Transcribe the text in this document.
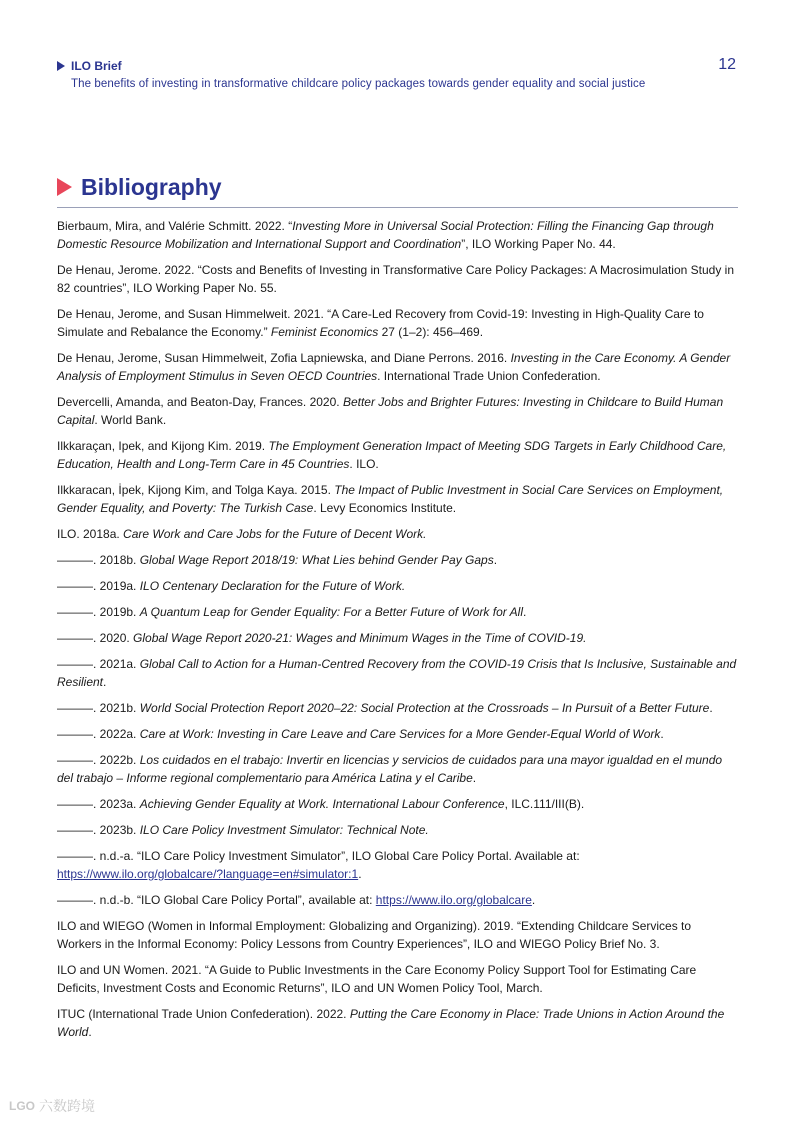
ILO Brief
The benefits of investing in transformative childcare policy packages towards gender equality and social justice
12
Bibliography

Bierbaum, Mira, and Valérie Schmitt. 2022. “Investing More in Universal Social Protection: Filling the Financing Gap through Domestic Resource Mobilization and International Support and Coordination”, ILO Working Paper No. 44.

De Henau, Jerome. 2022. “Costs and Benefits of Investing in Transformative Care Policy Packages: A Macrosimulation Study in 82 countries”, ILO Working Paper No. 55.

De Henau, Jerome, and Susan Himmelweit. 2021. “A Care-Led Recovery from Covid-19: Investing in High-Quality Care to Simulate and Rebalance the Economy.” Feminist Economics 27 (1–2): 456–469.

De Henau, Jerome, Susan Himmelweit, Zofia Lapniewska, and Diane Perrons. 2016. Investing in the Care Economy. A Gender Analysis of Employment Stimulus in Seven OECD Countries. International Trade Union Confederation.

Devercelli, Amanda, and Beaton-Day, Frances. 2020. Better Jobs and Brighter Futures: Investing in Childcare to Build Human Capital. World Bank.

Ilkkaraçan, Ipek, and Kijong Kim. 2019. The Employment Generation Impact of Meeting SDG Targets in Early Childhood Care, Education, Health and Long-Term Care in 45 Countries. ILO.

Ilkkaracan, İpek, Kijong Kim, and Tolga Kaya. 2015. The Impact of Public Investment in Social Care Services on Employment, Gender Equality, and Poverty: The Turkish Case. Levy Economics Institute.

ILO. 2018a. Care Work and Care Jobs for the Future of Decent Work.

———. 2018b. Global Wage Report 2018/19: What Lies behind Gender Pay Gaps.

———. 2019a. ILO Centenary Declaration for the Future of Work.

———. 2019b. A Quantum Leap for Gender Equality: For a Better Future of Work for All.

———. 2020. Global Wage Report 2020-21: Wages and Minimum Wages in the Time of COVID-19.

———. 2021a. Global Call to Action for a Human-Centred Recovery from the COVID-19 Crisis that Is Inclusive, Sustainable and Resilient.

———. 2021b. World Social Protection Report 2020–22: Social Protection at the Crossroads – In Pursuit of a Better Future.

———. 2022a. Care at Work: Investing in Care Leave and Care Services for a More Gender-Equal World of Work.

———. 2022b. Los cuidados en el trabajo: Invertir en licencias y servicios de cuidados para una mayor igualdad en el mundo del trabajo – Informe regional complementario para América Latina y el Caribe.

———. 2023a. Achieving Gender Equality at Work. International Labour Conference, ILC.111/III(B).

———. 2023b. ILO Care Policy Investment Simulator: Technical Note.

———. n.d.-a. “ILO Care Policy Investment Simulator”, ILO Global Care Policy Portal. Available at: https://www.ilo.org/globalcare/?language=en#simulator:1.

———. n.d.-b. “ILO Global Care Policy Portal”, available at: https://www.ilo.org/globalcare.

ILO and WIEGO (Women in Informal Employment: Globalizing and Organizing). 2019. “Extending Childcare Services to Workers in the Informal Economy: Policy Lessons from Country Experiences”, ILO and WIEGO Policy Brief No. 3.

ILO and UN Women. 2021. “A Guide to Public Investments in the Care Economy Policy Support Tool for Estimating Care Deficits, Investment Costs and Economic Returns”, ILO and UN Women Policy Tool, March.

ITUC (International Trade Union Confederation). 2022. Putting the Care Economy in Place: Trade Unions in Action Around the World.

LGO 六数跨境
